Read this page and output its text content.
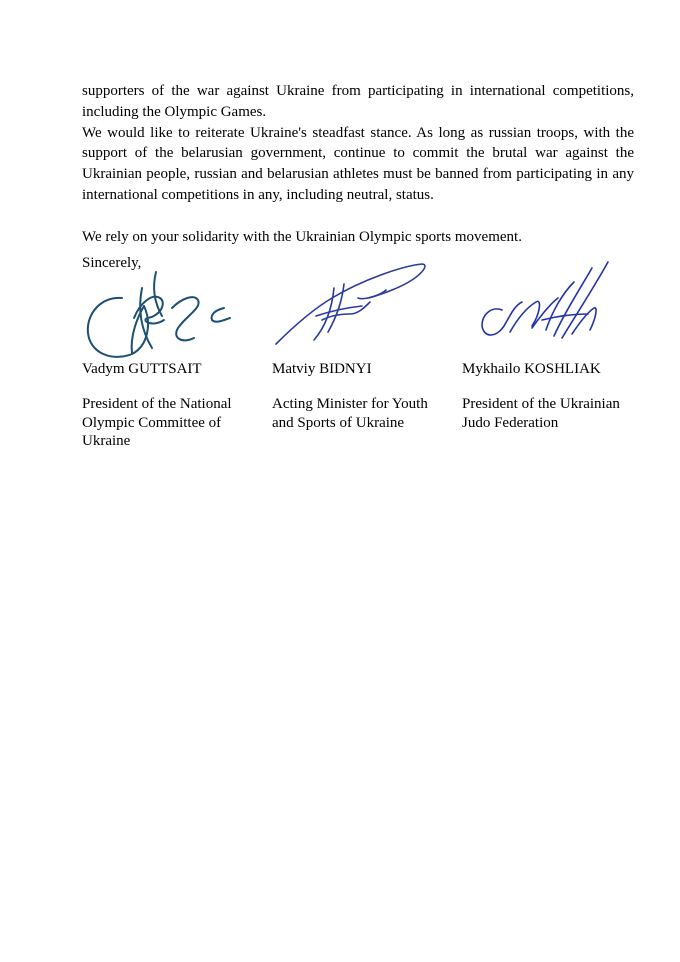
supporters of the war against Ukraine from participating in international competitions, including the Olympic Games.

We would like to reiterate Ukraine's steadfast stance. As long as russian troops, with the support of the belarusian government, continue to commit the brutal war against the Ukrainian people, russian and belarusian athletes must be banned from participating in any international competitions in any, including neutral, status.

We rely on your solidarity with the Ukrainian Olympic sports movement.

Sincerely,

Vadym GUTTSAIT

President of the National Olympic Committee of Ukraine

Matviy BIDNYI

Acting Minister for Youth and Sports of Ukraine

Mykhailo KOSHLIAK

President of the Ukrainian Judo Federation
